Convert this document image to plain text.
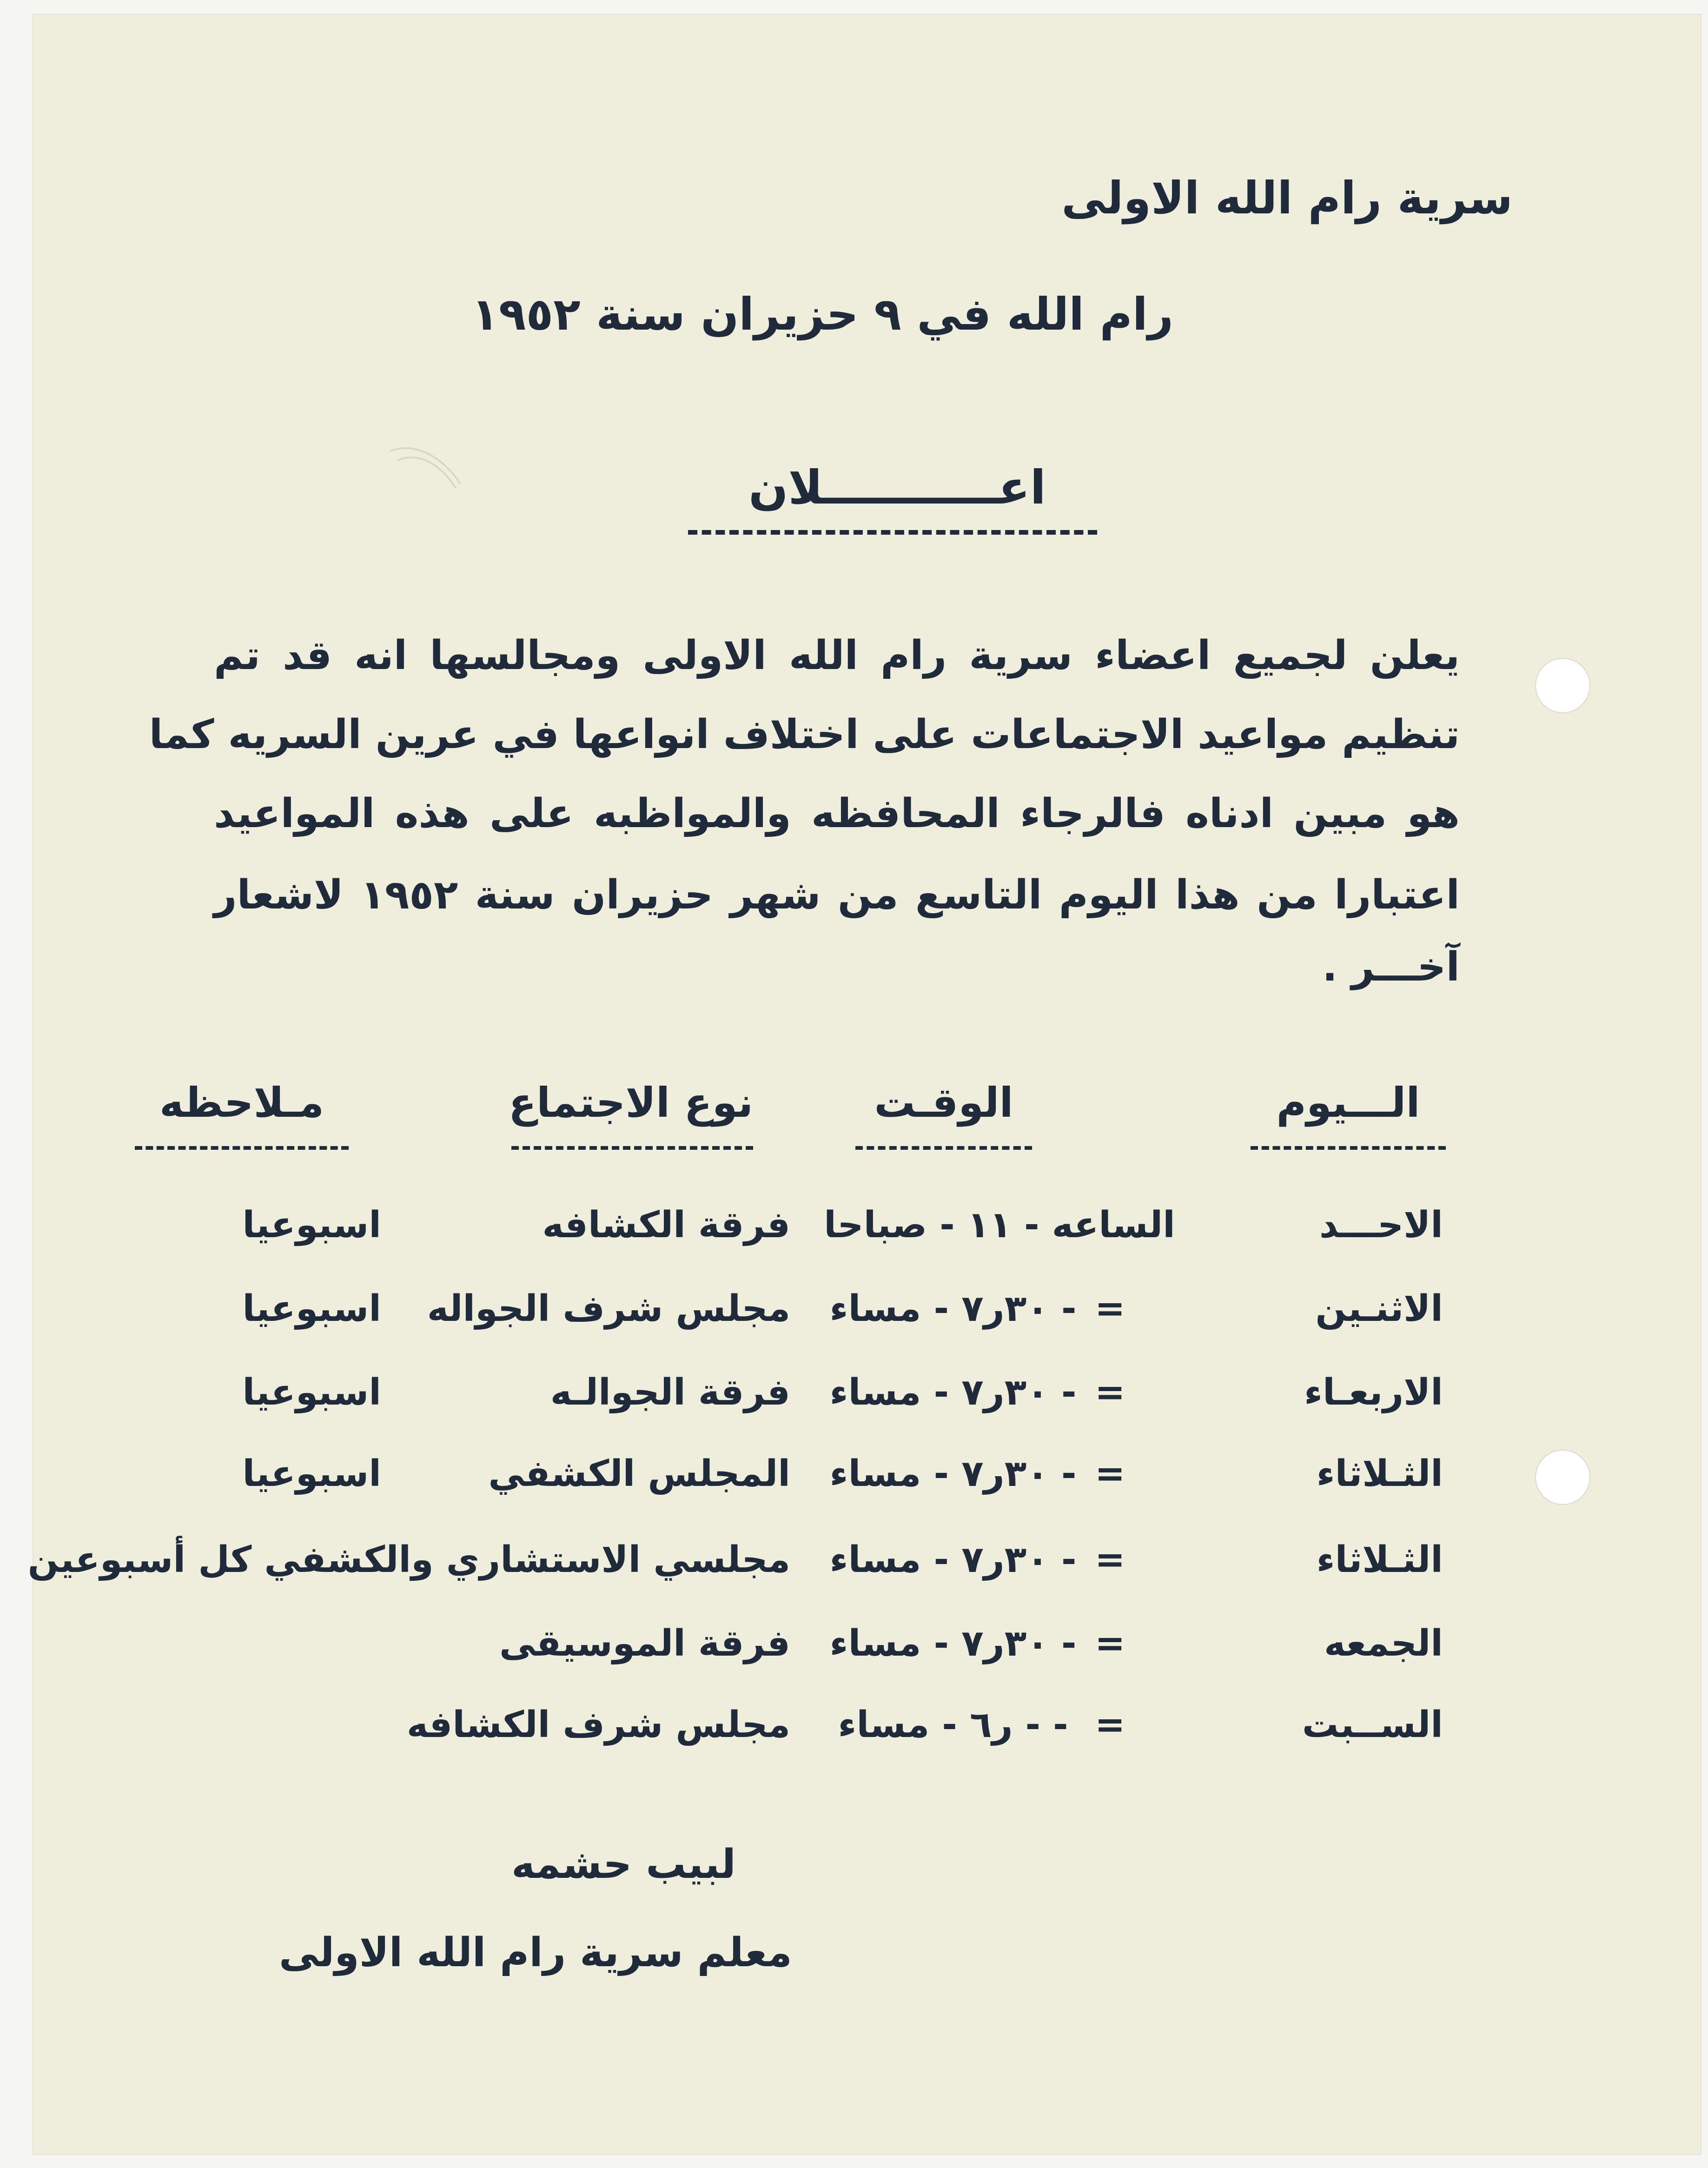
سرية رام الله الاولى
رام الله في ٩ حزيران سنة ١٩٥٢
اعـــــــــــلان
يعلن لجميع اعضاء سرية رام الله الاولى ومجالسها انه قد تم
تنظيم مواعيد الاجتماعات على اختلاف انواعها في عرين السريه كما
هو مبين ادناه فالرجاء المحافظه والمواظبه على هذه المواعيد
اعتبارا من هذا اليوم التاسع من شهر حزيران سنة ١٩٥٢ لاشعار
آخـــر .
الـــيوم
الوقـت
نوع الاجتماع
مـلاحظه
الاحـــد
الساعه - ١١ - صباحا
فرقة الكشافه
اسبوعيا
الاثنـين
=
- ٣٠ر٧ - مساء
مجلس شرف الجواله
اسبوعيا
الاربعـاء
=
- ٣٠ر٧ - مساء
فرقة الجوالـه
اسبوعيا
الثـلاثاء
=
- ٣٠ر٧ - مساء
المجلس الكشفي
اسبوعيا
الثـلاثاء
=
- ٣٠ر٧ - مساء
مجلسي الاستشاري والكشفي كل أسبوعين
الجمعه
=
- ٣٠ر٧ - مساء
فرقة الموسيقى
الســبت
=
- - ر٦ - مساء
مجلس شرف الكشافه
لبيب حشمه
معلم سرية رام الله الاولى
